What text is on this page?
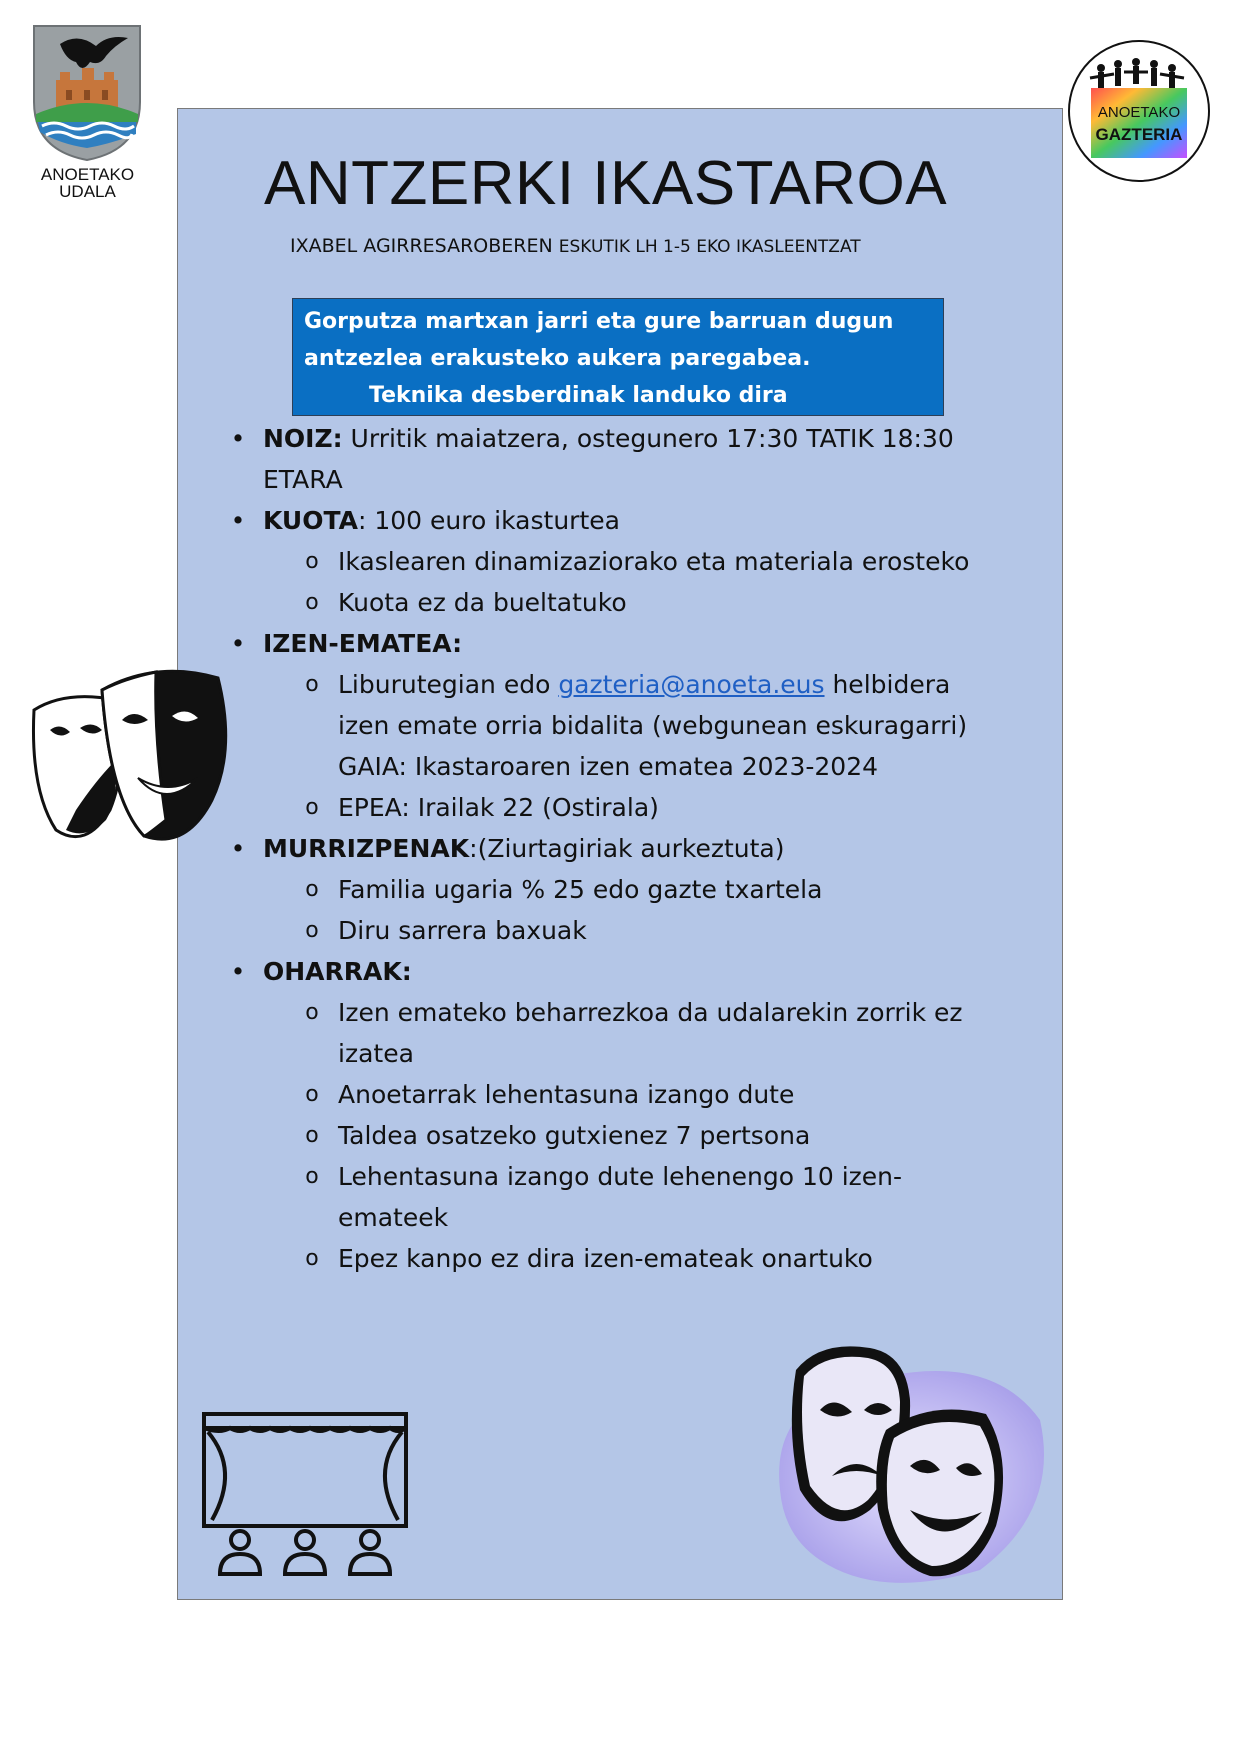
ANOETAKO
UDALA
ANOETAKO
GAZTERIA
ANTZERKI IKASTAROA
IXABEL AGIRRESAROBEREN ESKUTIK LH 1-5 EKO IKASLEENTZAT
Gorputza martxan jarri eta gure barruan dugun
antzezlea erakusteko aukera paregabea.
Teknika desberdinak landuko dira
• NOIZ: Urritik maiatzera, ostegunero 17:30 TATIK 18:30
ETARA
• KUOTA: 100 euro ikasturtea
o Ikaslearen dinamizaziorako eta materiala erosteko
o Kuota ez da bueltatuko
• IZEN-EMATEA:
o Liburutegian edo gazteria@anoeta.eus helbidera
izen emate orria bidalita (webgunean eskuragarri)
GAIA: Ikastaroaren izen ematea 2023-2024
o EPEA: Irailak 22 (Ostirala)
• MURRIZPENAK:(Ziurtagiriak aurkeztuta)
o Familia ugaria % 25 edo gazte txartela
o Diru sarrera baxuak
• OHARRAK:
o Izen emateko beharrezkoa da udalarekin zorrik ez
izatea
o Anoetarrak lehentasuna izango dute
o Taldea osatzeko gutxienez 7 pertsona
o Lehentasuna izango dute lehenengo 10 izen-
emateek
o Epez kanpo ez dira izen-emateak onartuko
